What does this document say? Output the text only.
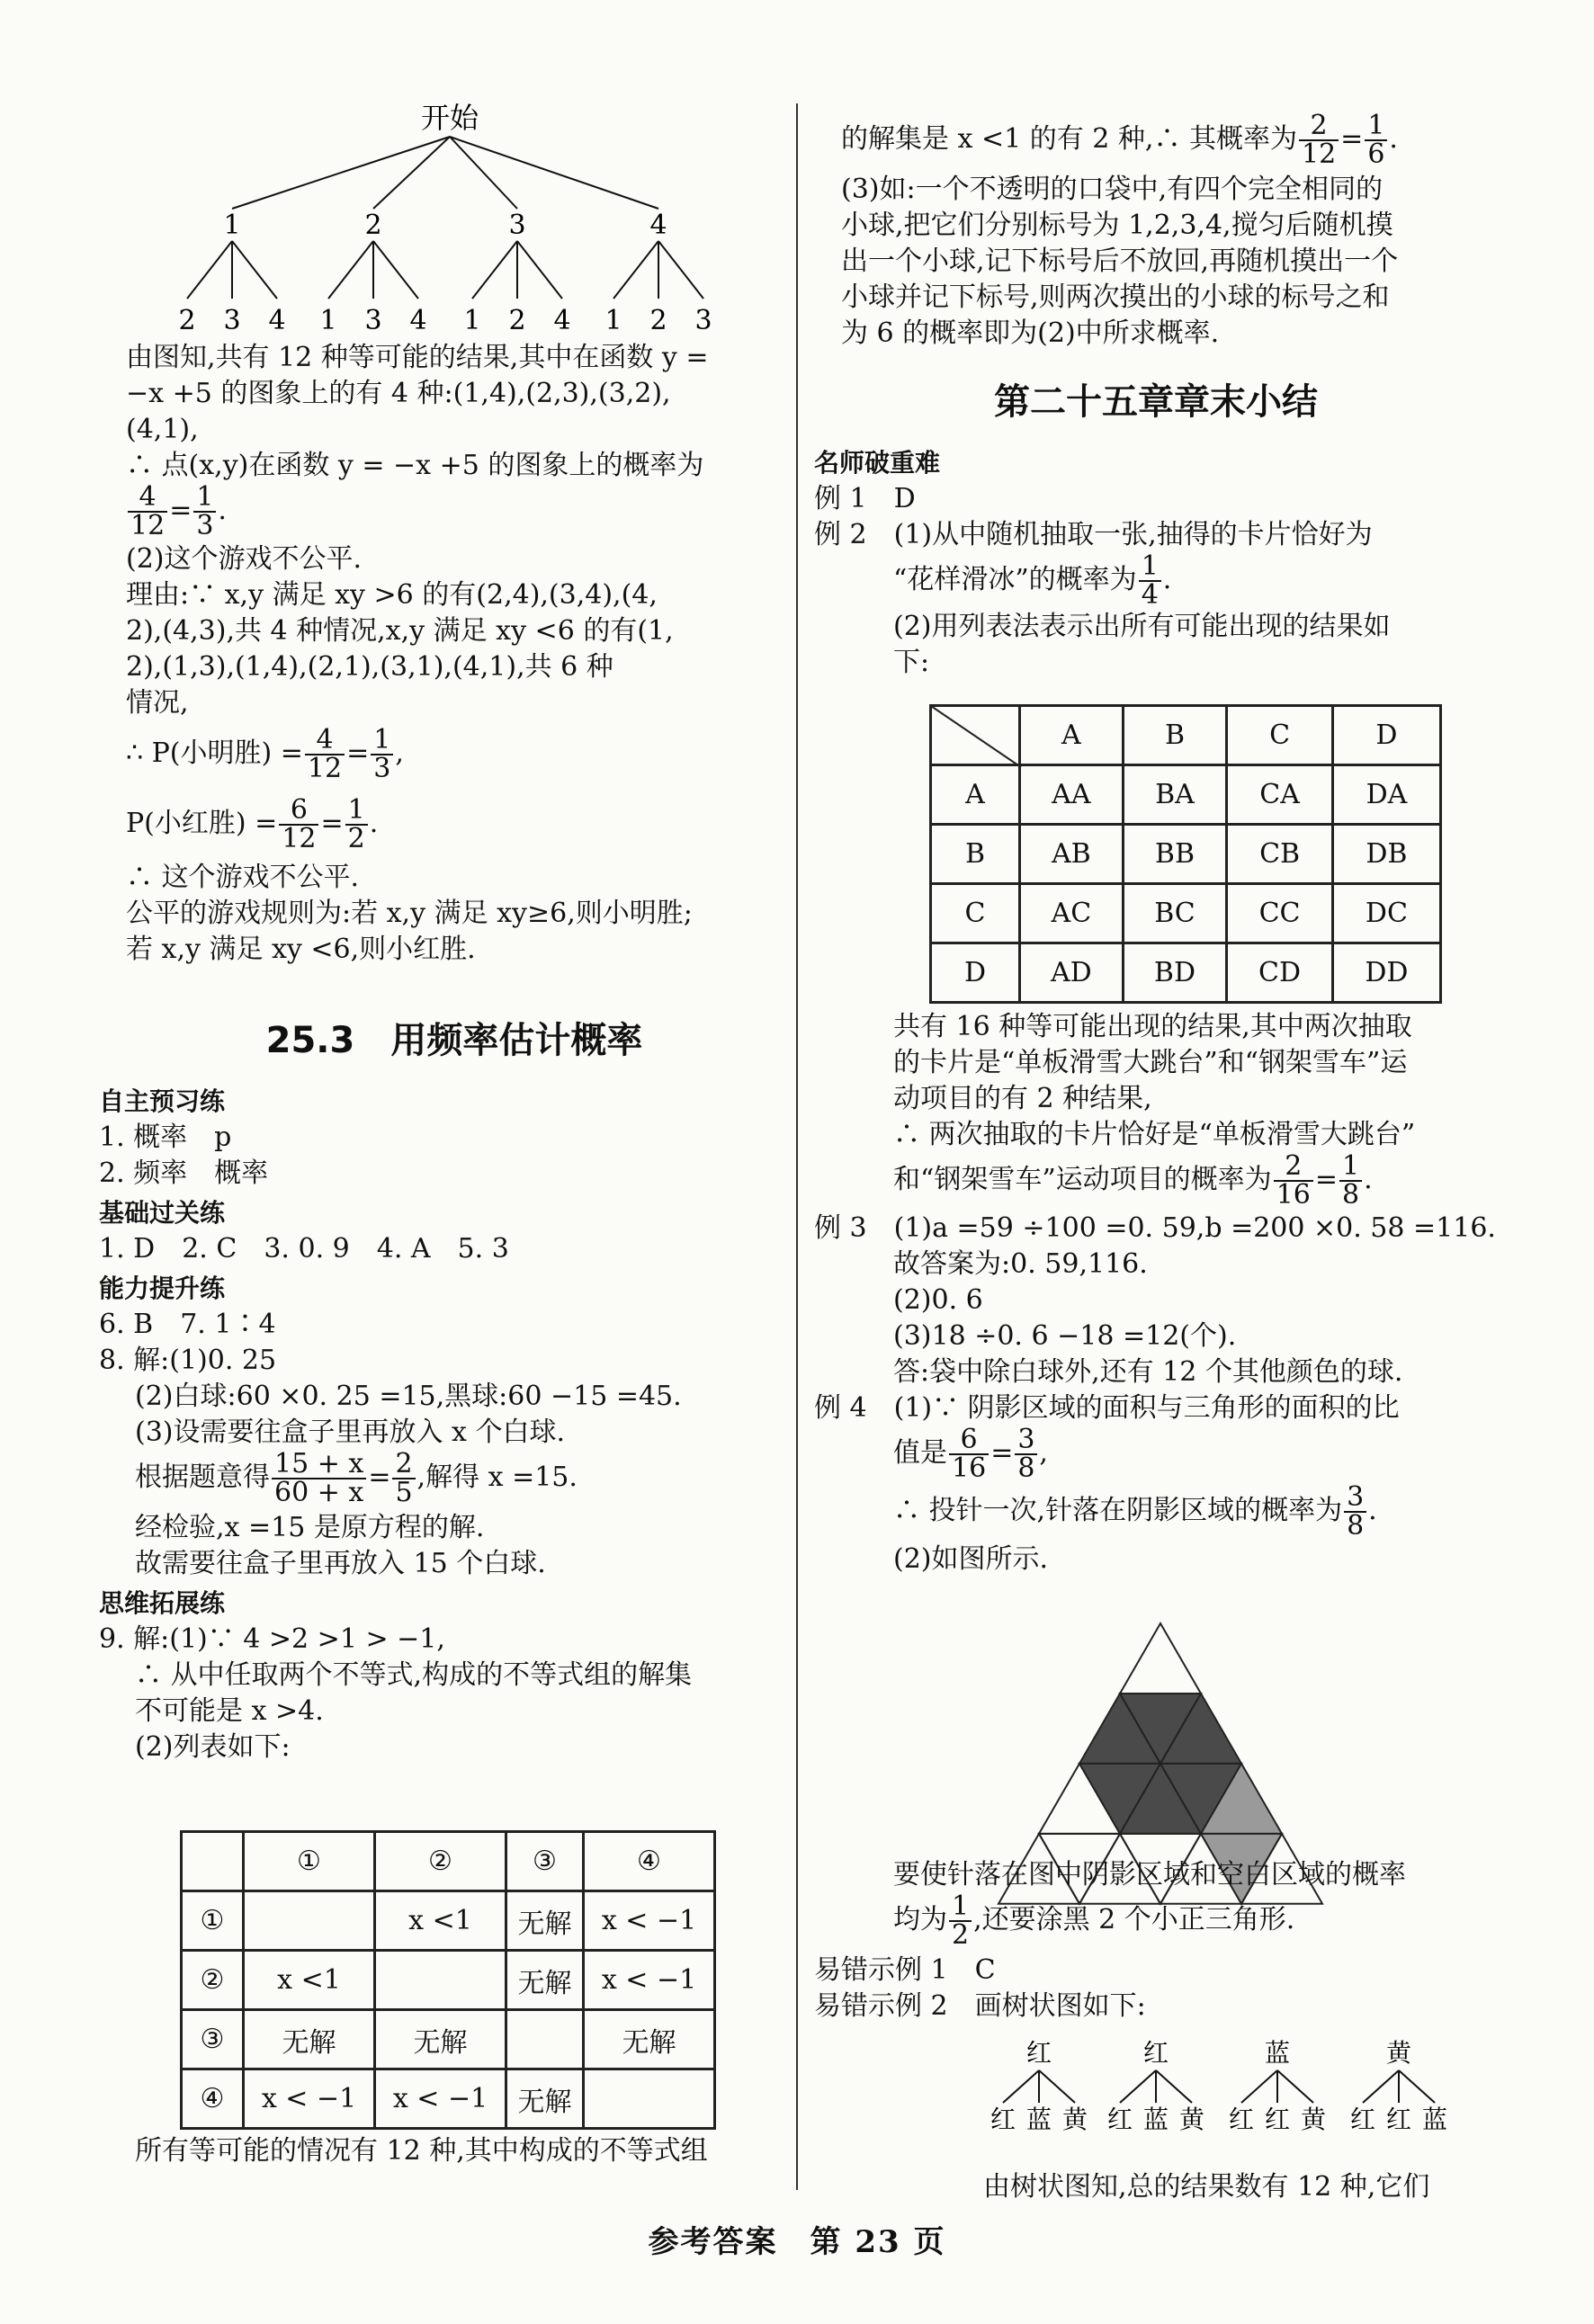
开始
1
2 3 4
2
1 3 4
3
1 2 4
4
1 2 3
由图知,共有 12 种等可能的结果,其中在函数 y =
−x +5 的图象上的有 4 种:(1,4),(2,3),(3,2),
(4,1),
∴ 点(x,y)在函数 y = −x +5 的图象上的概率为
$\frac{4}{12} = \frac{1}{3}$ .
(2)这个游戏不公平.
理由:∵ x,y 满足 xy >6 的有(2,4),(3,4),(4,
2),(4,3),共 4 种情况,x,y 满足 xy <6 的有(1,
2),(1,3),(1,4),(2,1),(3,1),(4,1),共 6 种
情况,
∴ P(小明胜) = $\frac{4}{12} = \frac{1}{3}$ ,
P(小红胜) = $\frac{6}{12} = \frac{1}{2}$ .
∴ 这个游戏不公平.
公平的游戏规则为:若 x,y 满足 xy≥6,则小明胜;
若 x,y 满足 xy <6,则小红胜.
25.3　用频率估计概率
自主预习练
1. 概率　p
2. 频率　概率
基础过关练
1. D　2. C　3. 0. 9　4. A　5. 3
能力提升练
6. B　7. 1∶4
8. 解:(1)0. 25
(2)白球:60 ×0. 25 =15,黑球:60 −15 =45.
(3)设需要往盒子里再放入 x 个白球.
根据题意得 $\frac{15 + x}{60 + x} = \frac{2}{5}$ ,解得 x =15.
经检验,x =15 是原方程的解.
故需要往盒子里再放入 15 个白球.
思维拓展练
9. 解:(1)∵ 4 >2 >1 > −1,
∴ 从中任取两个不等式,构成的不等式组的解集
不可能是 x >4.
(2)列表如下:
	①	②	③	④
①		x <1	无解	x < −1
②	x <1		无解	x < −1
③	无解	无解		无解
④	x < −1	x < −1	无解	
所有等可能的情况有 12 种,其中构成的不等式组
的解集是 x <1 的有 2 种,∴ 其概率为 $\frac{2}{12} = \frac{1}{6}$ .
(3)如:一个不透明的口袋中,有四个完全相同的
小球,把它们分别标号为 1,2,3,4,搅匀后随机摸
出一个小球,记下标号后不放回,再随机摸出一个
小球并记下标号,则两次摸出的小球的标号之和
为 6 的概率即为(2)中所求概率.
第二十五章章末小结
名师破重难
例 1　D
例 2　(1)从中随机抽取一张,抽得的卡片恰好为
“花样滑冰”的概率为 $\frac{1}{4}$ .
(2)用列表法表示出所有可能出现的结果如
下:
	A	B	C	D
A	AA	BA	CA	DA
B	AB	BB	CB	DB
C	AC	BC	CC	DC
D	AD	BD	CD	DD
共有 16 种等可能出现的结果,其中两次抽取
的卡片是“单板滑雪大跳台”和“钢架雪车”运
动项目的有 2 种结果,
∴ 两次抽取的卡片恰好是“单板滑雪大跳台”
和“钢架雪车”运动项目的概率为 $\frac{2}{16} = \frac{1}{8}$ .
例 3　(1)a =59 ÷100 =0. 59,b =200 ×0. 58 =116.
故答案为:0. 59,116.
(2)0. 6
(3)18 ÷0. 6 −18 =12(个).
答:袋中除白球外,还有 12 个其他颜色的球.
例 4　(1)∵ 阴影区域的面积与三角形的面积的比
值是 $\frac{6}{16} = \frac{3}{8}$ ,
∴ 投针一次,针落在阴影区域的概率为 $\frac{3}{8}$ .
(2)如图所示.
要使针落在图中阴影区域和空白区域的概率
均为 $\frac{1}{2}$ ,还要涂黑 2 个小正三角形.
易错示例 1　C
易错示例 2　画树状图如下:
红
红 蓝 黄
红
红 蓝 黄
蓝
红 红 黄
黄
红 红 蓝
由树状图知,总的结果数有 12 种,它们
参考答案　第 23 页
